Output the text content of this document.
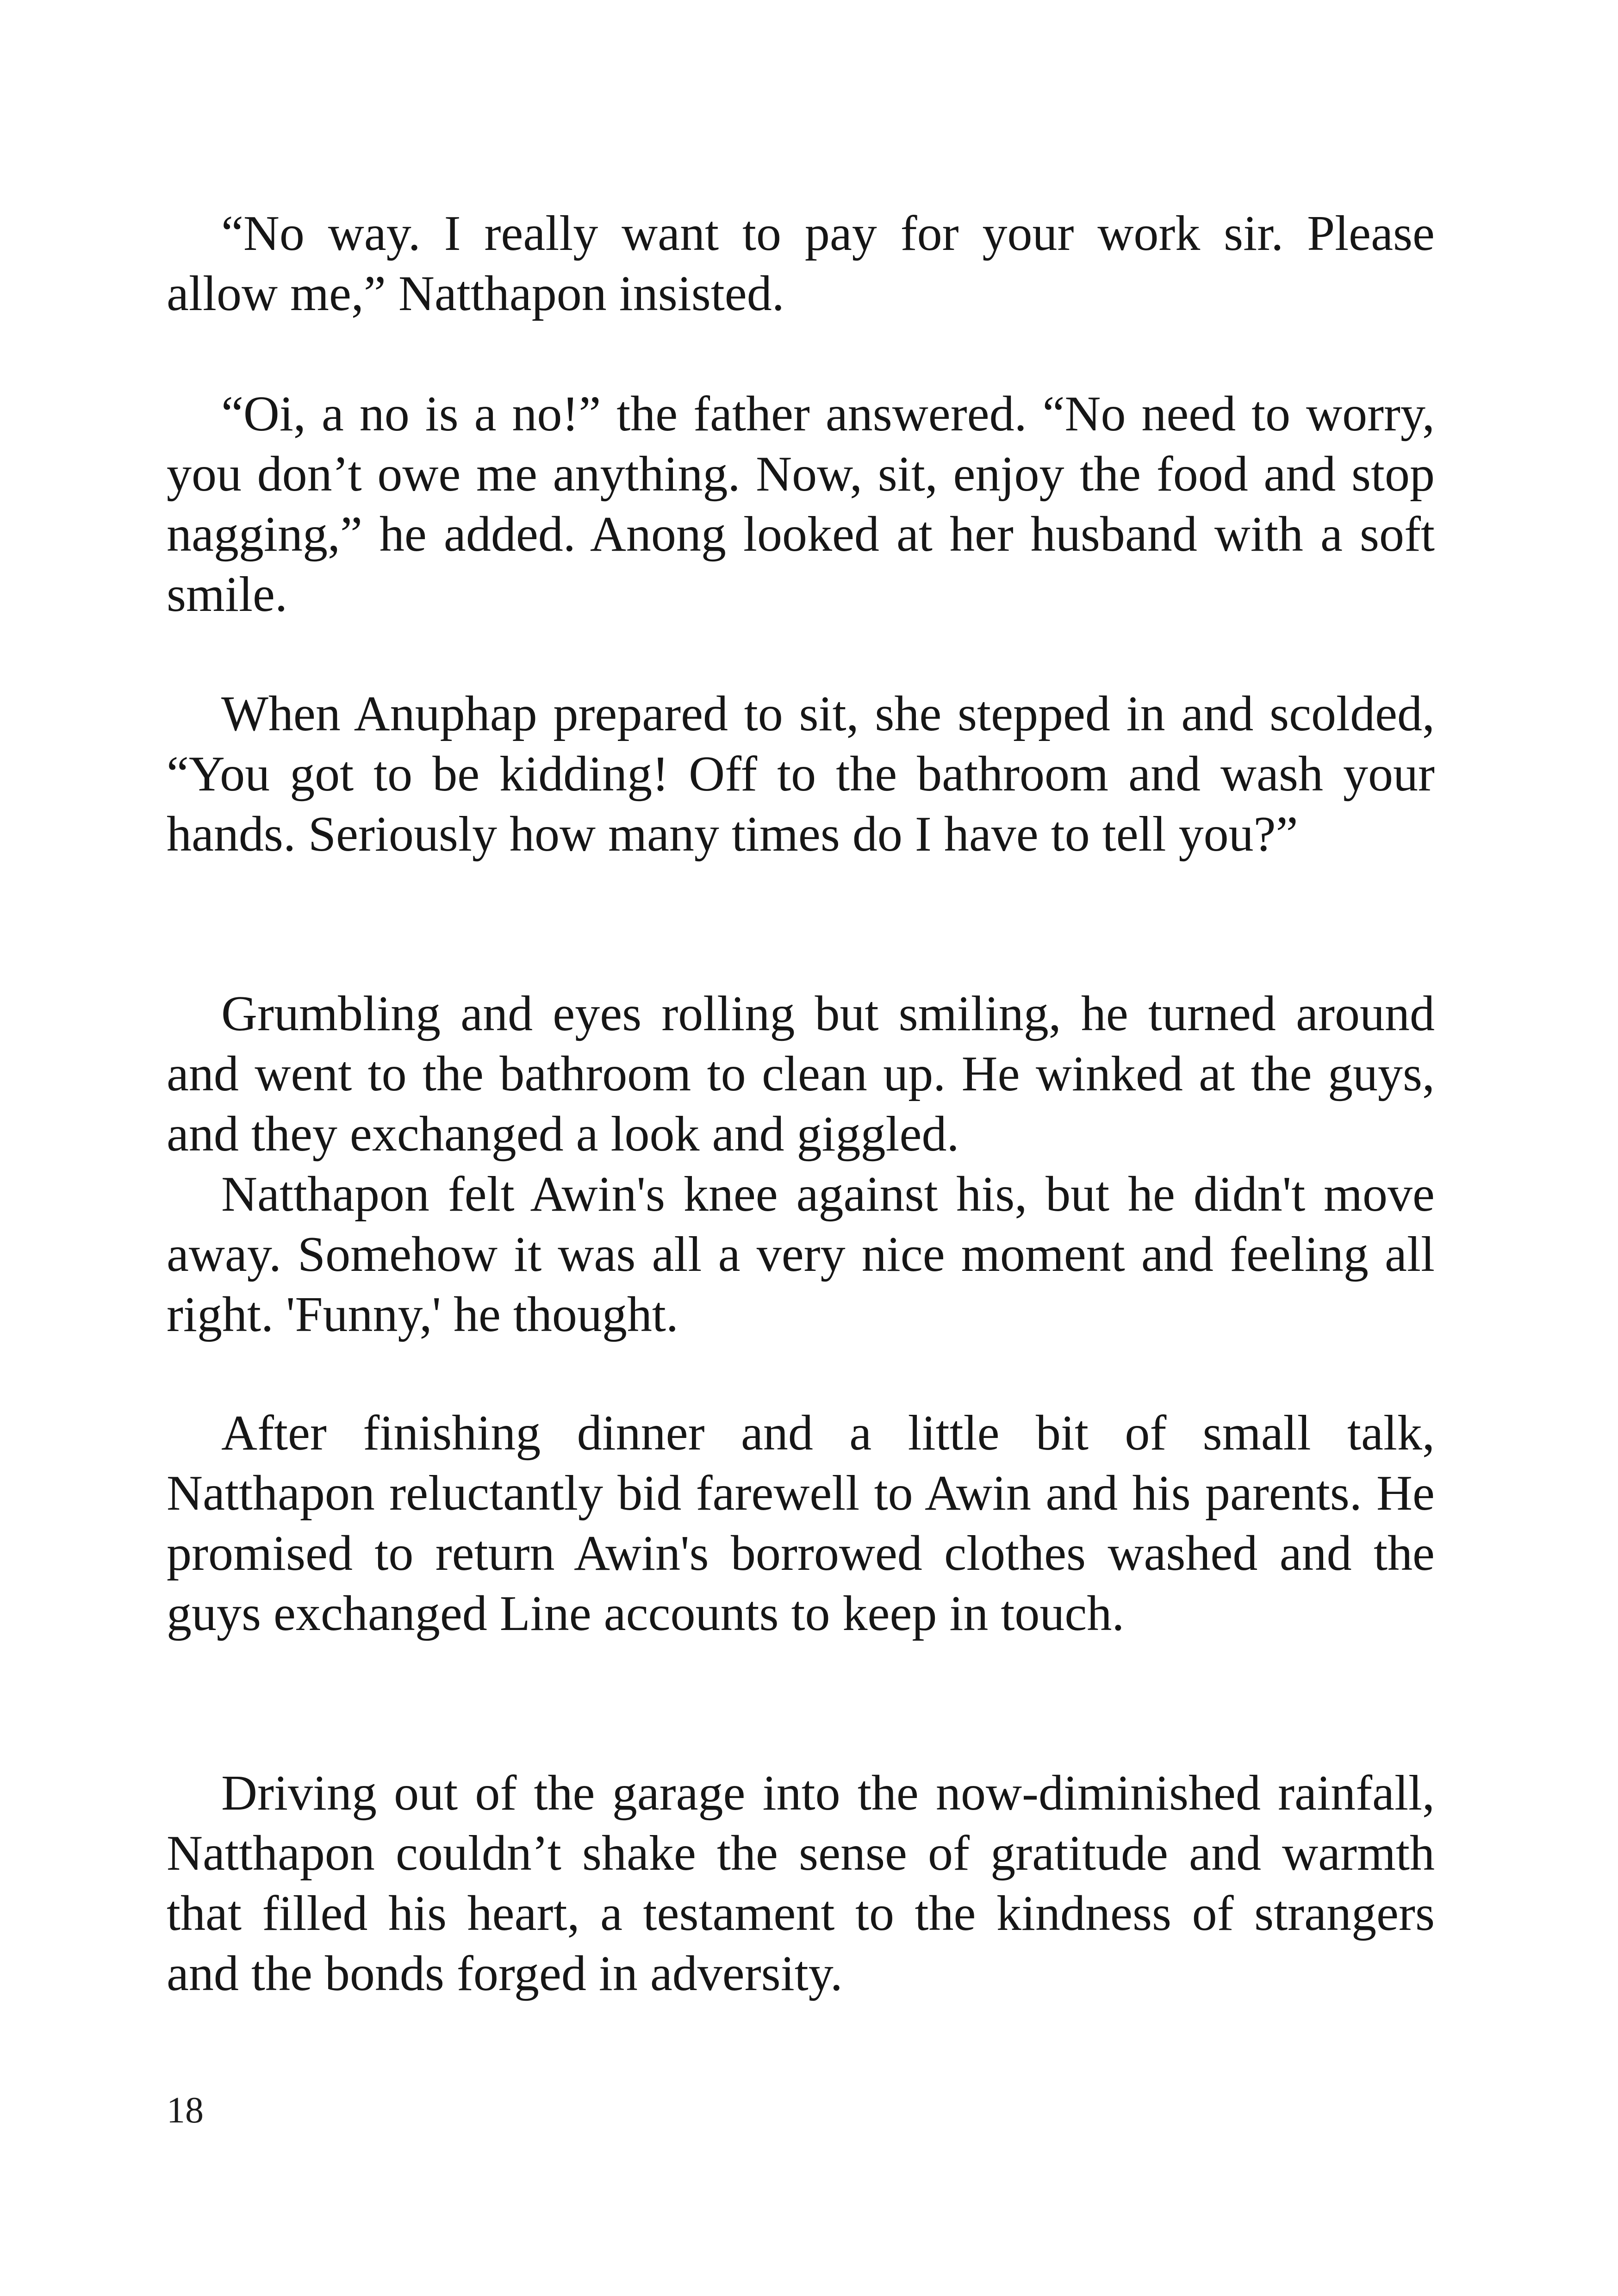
“No way. I really want to pay for your work sir. Please allow me,” Natthapon insisted.

“Oi, a no is a no!” the father answered. “No need to worry, you don’t owe me anything. Now, sit, enjoy the food and stop nagging,” he added. Anong looked at her husband with a soft smile.

When Anuphap prepared to sit, she stepped in and scolded, “You got to be kidding! Off to the bathroom and wash your hands. Seriously how many times do I have to tell you?”

Grumbling and eyes rolling but smiling, he turned around and went to the bathroom to clean up. He winked at the guys, and they exchanged a look and giggled.

Natthapon felt Awin's knee against his, but he didn't move away. Somehow it was all a very nice moment and feeling all right. 'Funny,' he thought.

After finishing dinner and a little bit of small talk, Natthapon reluctantly bid farewell to Awin and his parents. He promised to return Awin's borrowed clothes washed and the guys exchanged Line accounts to keep in touch.

Driving out of the garage into the now-diminished rainfall, Natthapon couldn’t shake the sense of gratitude and warmth that filled his heart, a testament to the kindness of strangers and the bonds forged in adversity.

18
